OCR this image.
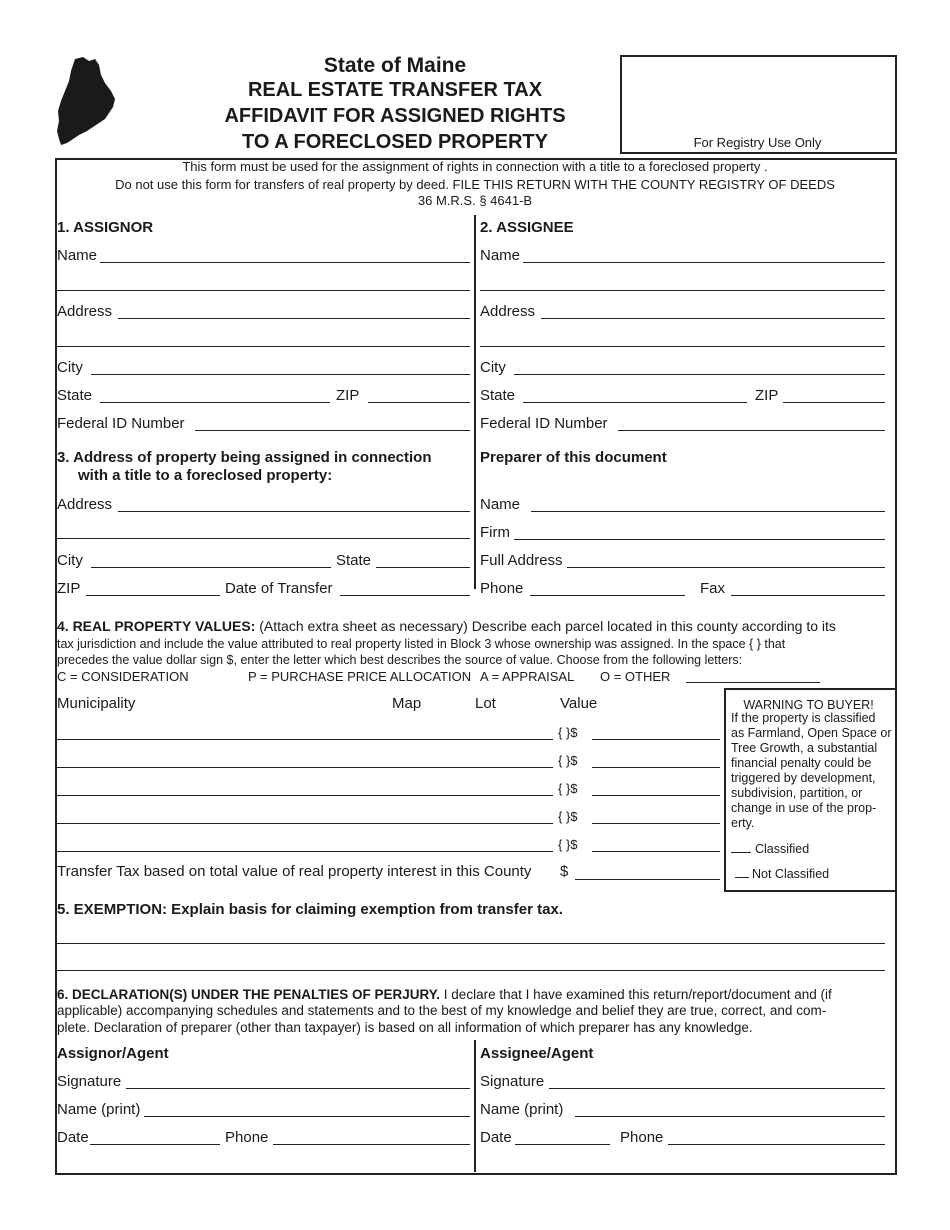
State of Maine
REAL ESTATE TRANSFER TAX
AFFIDAVIT FOR ASSIGNED RIGHTS
TO A FORECLOSED PROPERTY	For Registry Use Only
This form must be used for the assignment of rights in connection with a title to a foreclosed property .
Do not use this form for transfers of real property by deed. FILE THIS RETURN WITH THE COUNTY REGISTRY OF DEEDS
36 M.R.S. § 4641-B
1. ASSIGNOR
Name
Address
City
State	ZIP
Federal ID Number
2. ASSIGNEE
Name
Address
City
State	ZIP
Federal ID Number
3. Address of property being assigned in connection
with a title to a foreclosed property:
Address
City	State
ZIP	Date of Transfer
Preparer of this document
Name
Firm
Full Address
Phone	Fax
4. REAL PROPERTY VALUES: (Attach extra sheet as necessary) Describe each parcel located in this county according to its
tax jurisdiction and include the value attributed to real property listed in Block 3 whose ownership was assigned. In the space { } that
precedes the value dollar sign $, enter the letter which best describes the source of value. Choose from the following letters:
C = CONSIDERATION	P = PURCHASE PRICE ALLOCATION A = APPRAISAL O = OTHER
Municipality	Map	Lot	Value
{ }$
{ }$
{ }$
{ }$
{ }$
Transfer Tax based on total value of real property interest in this County $
WARNING TO BUYER!
If the property is classified
as Farmland, Open Space or
Tree Growth, a substantial
financial penalty could be
triggered by development,
subdivision, partition, or
change in use of the prop-
erty.
Classified
Not Classified
5. EXEMPTION: Explain basis for claiming exemption from transfer tax.
6. DECLARATION(S) UNDER THE PENALTIES OF PERJURY. I declare that I have examined this return/report/document and (if
applicable) accompanying schedules and statements and to the best of my knowledge and belief they are true, correct, and com-
plete. Declaration of preparer (other than taxpayer) is based on all information of which preparer has any knowledge.
Assignor/Agent
Signature
Name (print)
Date	Phone
Assignee/Agent
Signature
Name (print)
Date	Phone
